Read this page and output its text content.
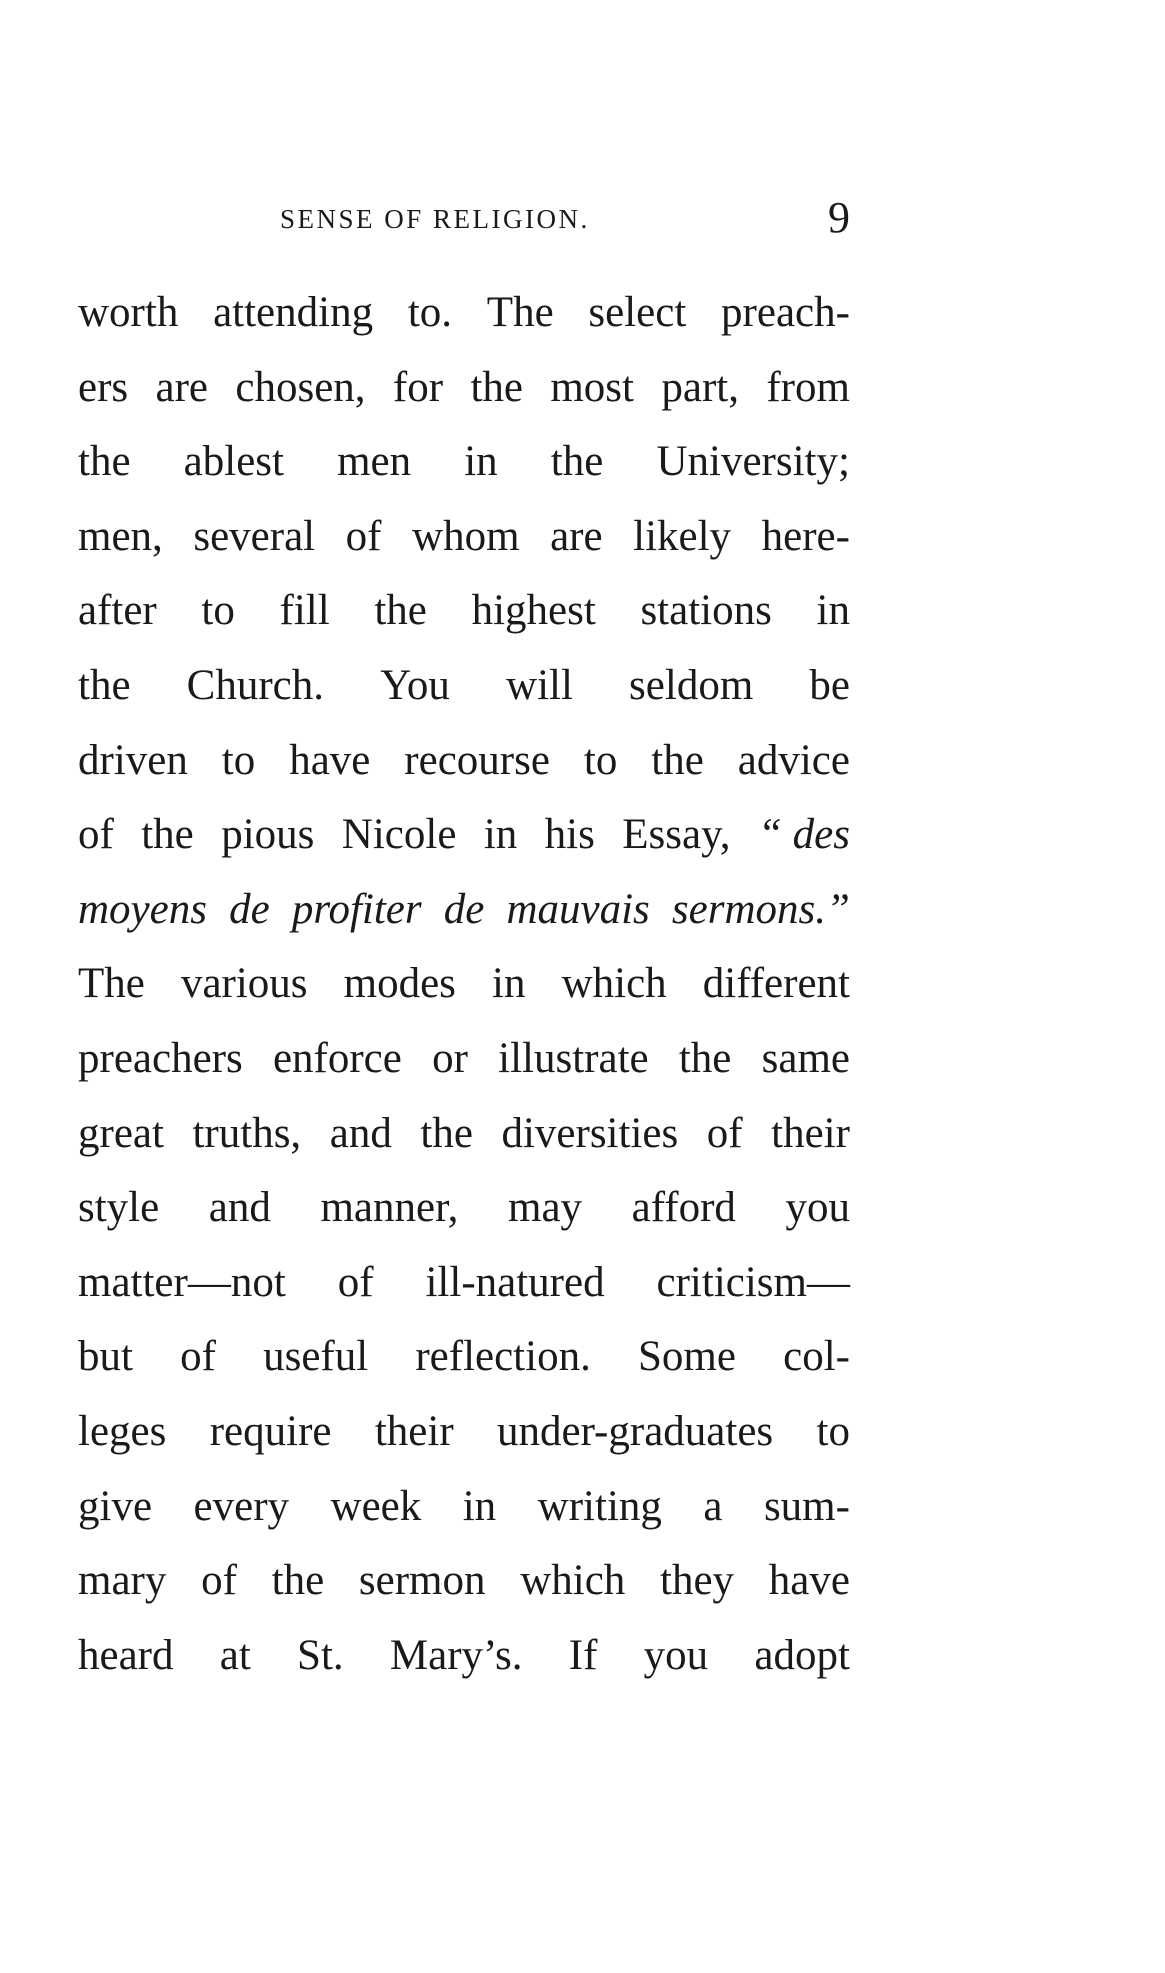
SENSE OF RELIGION.	9
worth attending to. The select preach-
ers are chosen, for the most part, from
the ablest men in the University;
men, several of whom are likely here-
after to fill the highest stations in
the Church. You will seldom be
driven to have recourse to the advice
of the pious Nicole in his Essay, “ des
moyens de profiter de mauvais sermons.”
The various modes in which different
preachers enforce or illustrate the same
great truths, and the diversities of their
style and manner, may afford you
matter—not of ill-natured criticism—
but of useful reflection. Some col-
leges require their under-graduates to
give every week in writing a sum-
mary of the sermon which they have
heard at St. Mary’s. If you adopt
